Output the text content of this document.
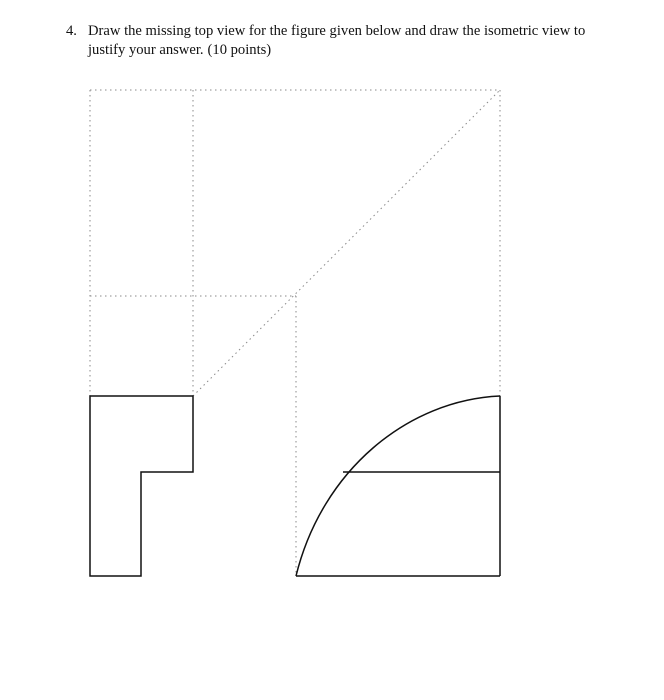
4. Draw the missing top view for the figure given below and draw the isometric view to justify your answer. (10 points)
